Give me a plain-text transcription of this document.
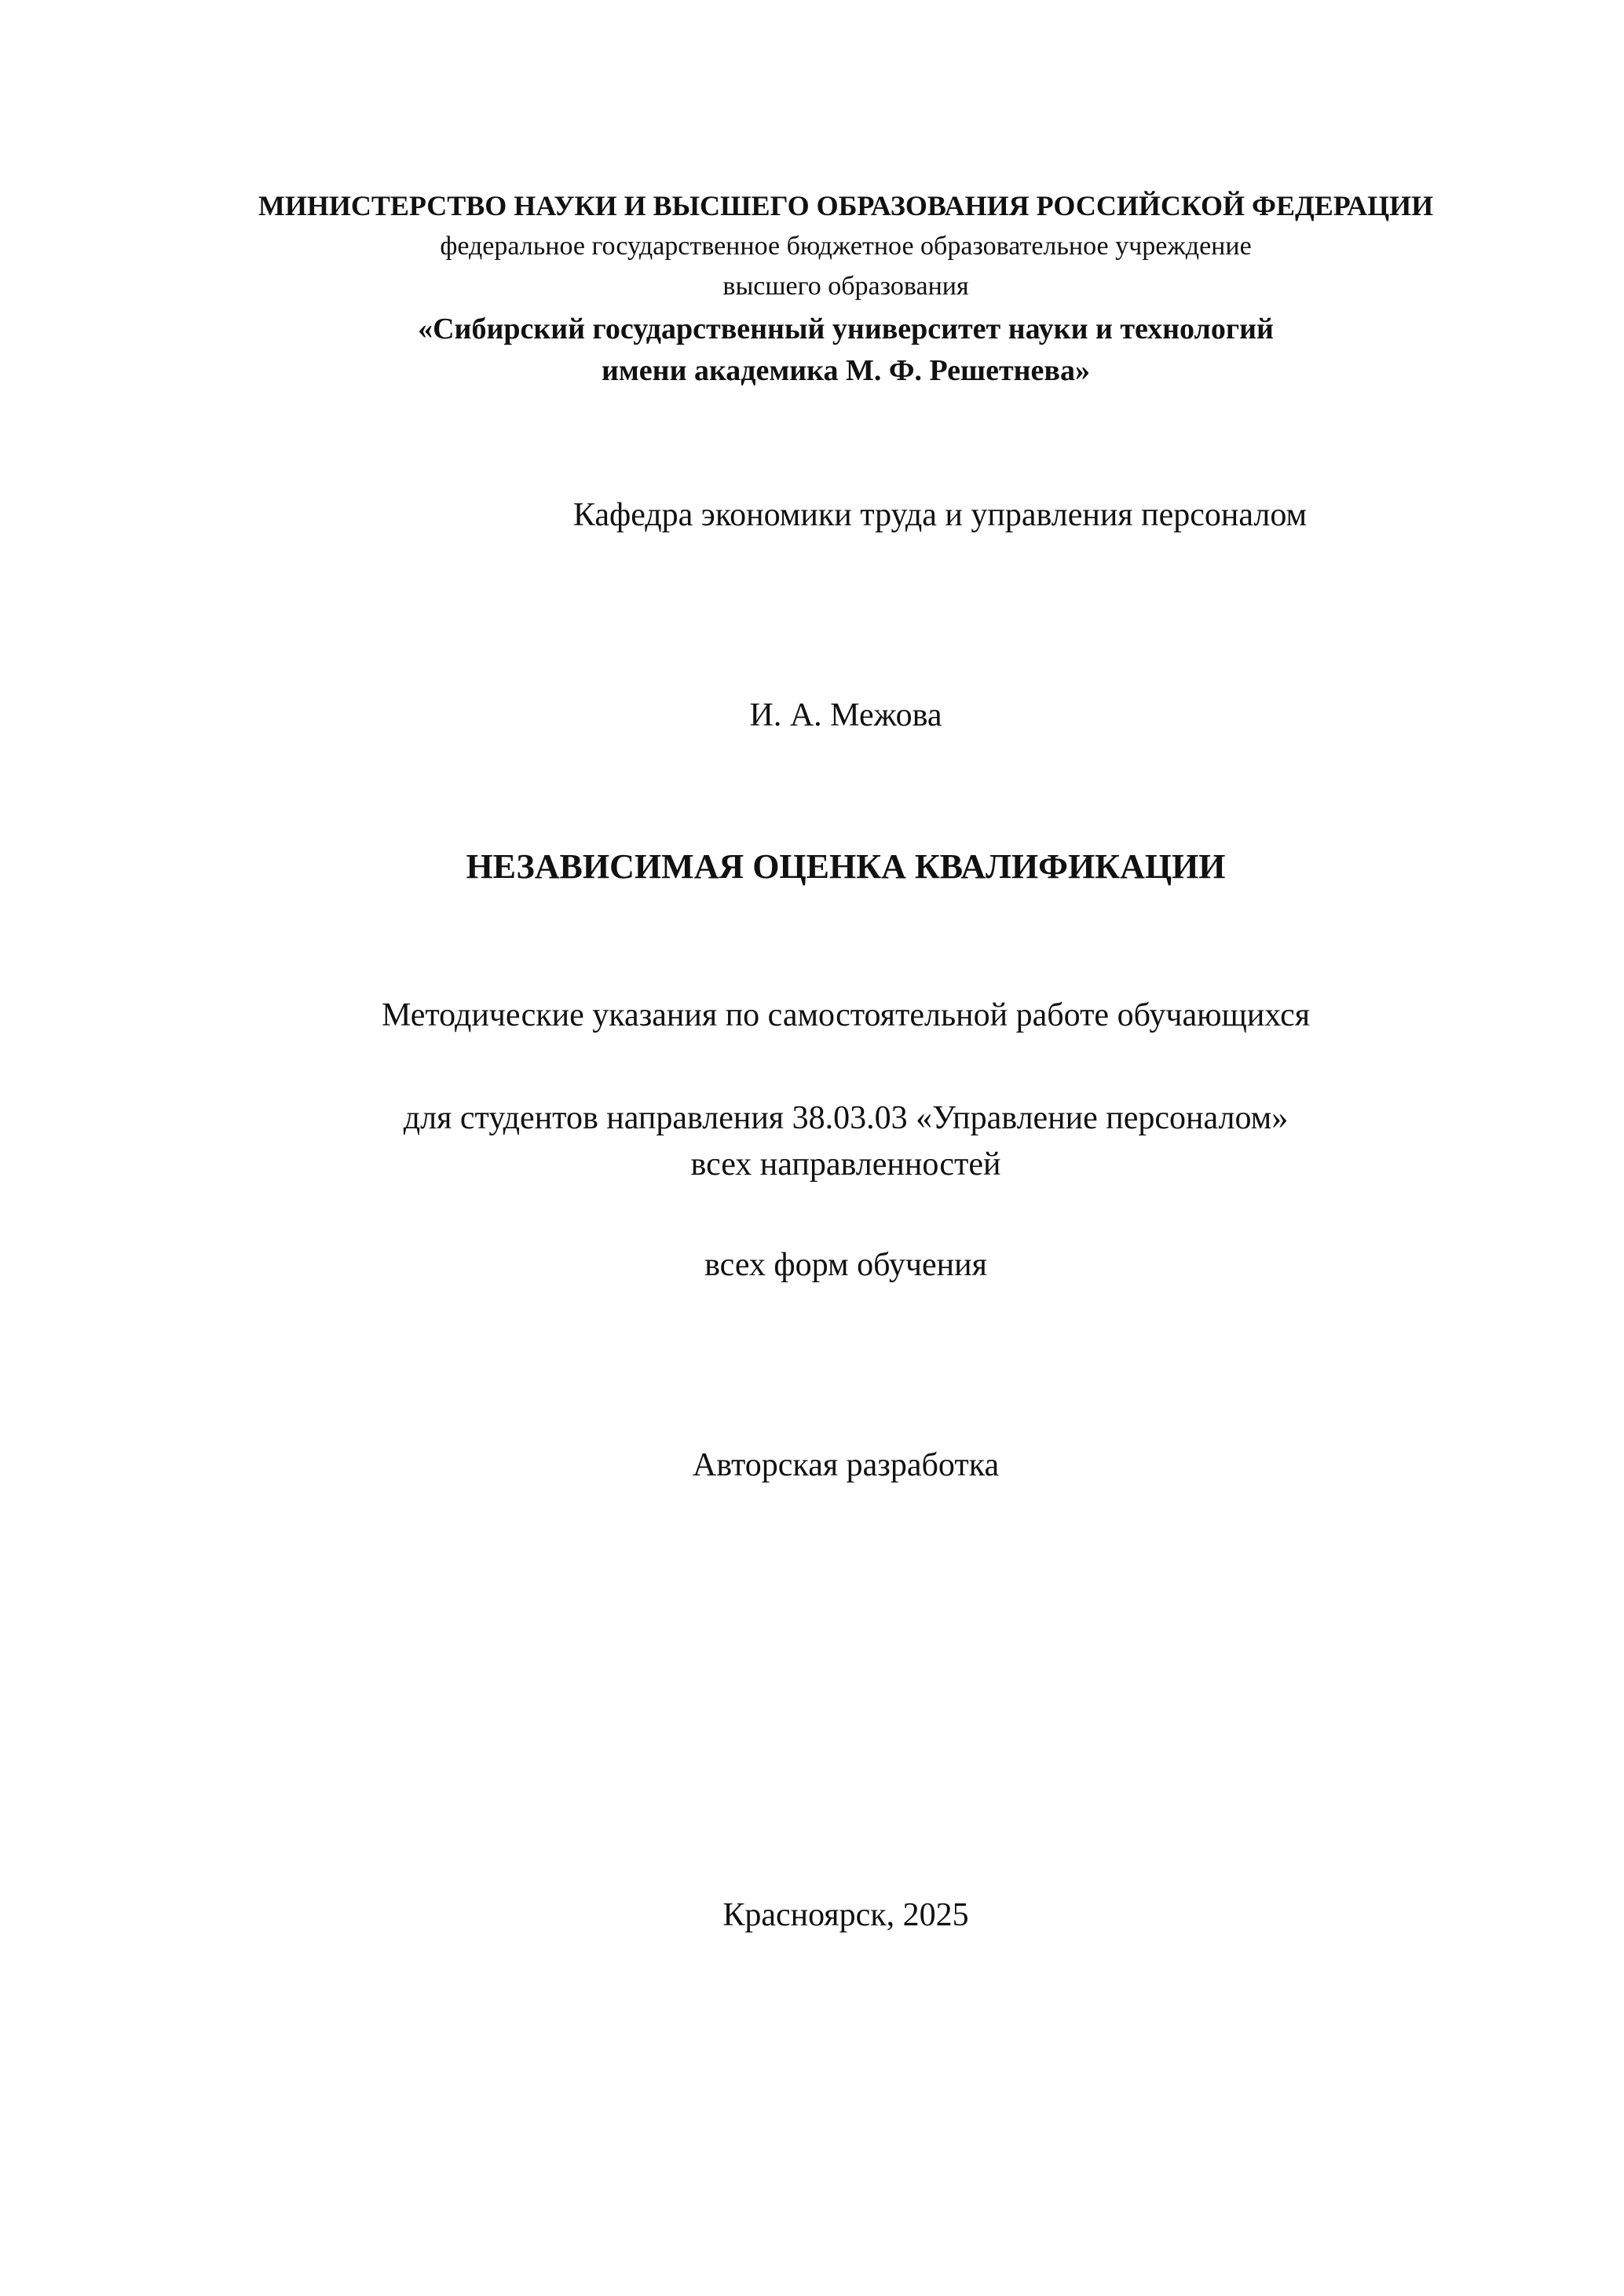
МИНИСТЕРСТВО НАУКИ И ВЫСШЕГО ОБРАЗОВАНИЯ РОССИЙСКОЙ ФЕДЕРАЦИИ
федеральное государственное бюджетное образовательное учреждение
высшего образования
«Сибирский государственный университет науки и технологий
имени академика М. Ф. Решетнева»
Кафедра экономики труда и управления персоналом
И. А. Межова
НЕЗАВИСИМАЯ ОЦЕНКА КВАЛИФИКАЦИИ
Методические указания по самостоятельной работе обучающихся
для студентов направления 38.03.03 «Управление персоналом»
всех направленностей
всех форм обучения
Авторская разработка
Красноярск, 2025
